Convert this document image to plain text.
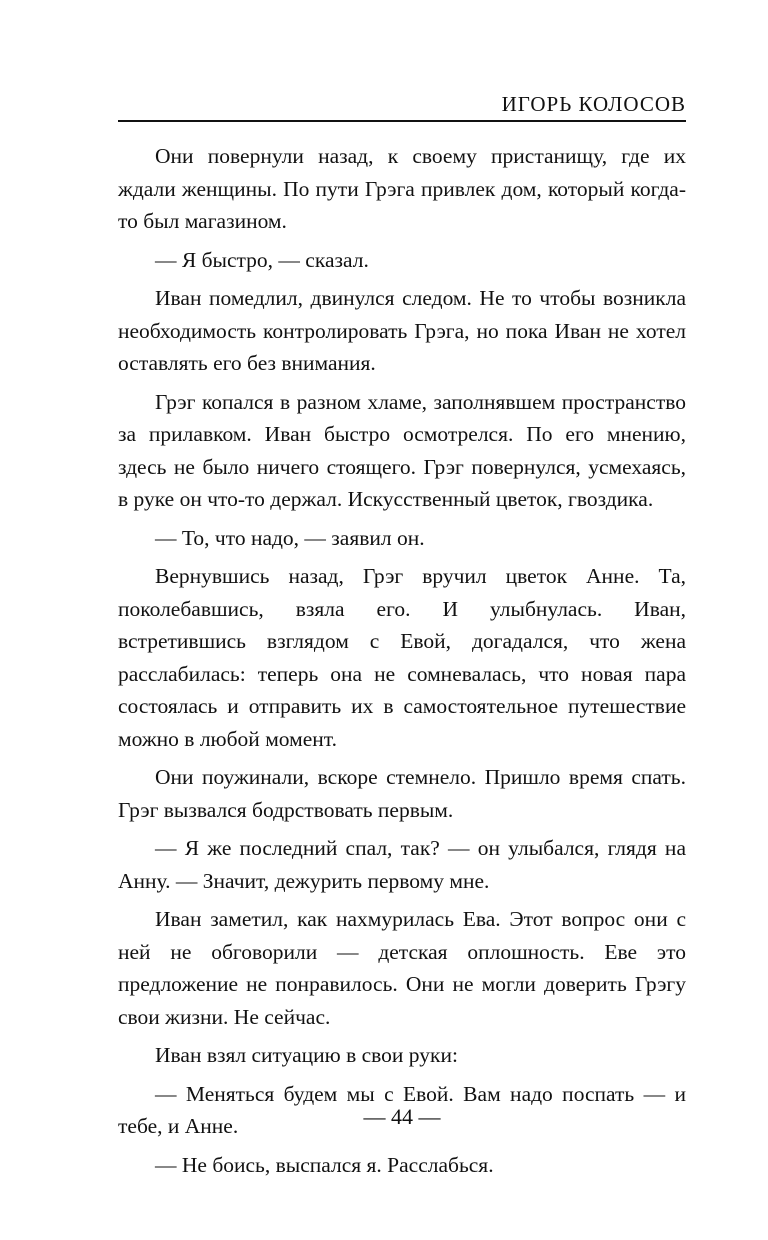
ИГОРЬ КОЛОСОВ

Они повернули назад, к своему пристанищу, где их ждали женщины. По пути Грэга привлек дом, который когда-то был магазином.

— Я быстро, — сказал.

Иван помедлил, двинулся следом. Не то чтобы возникла необходимость контролировать Грэга, но пока Иван не хотел оставлять его без внимания.

Грэг копался в разном хламе, заполнявшем пространство за прилавком. Иван быстро осмотрелся. По его мнению, здесь не было ничего стоящего. Грэг повернулся, усмехаясь, в руке он что-то держал. Искусственный цветок, гвоздика.

— То, что надо, — заявил он.

Вернувшись назад, Грэг вручил цветок Анне. Та, поколебавшись, взяла его. И улыбнулась. Иван, встретившись взглядом с Евой, догадался, что жена расслабилась: теперь она не сомневалась, что новая пара состоялась и отправить их в самостоятельное путешествие можно в любой момент.

Они поужинали, вскоре стемнело. Пришло время спать. Грэг вызвался бодрствовать первым.

— Я же последний спал, так? — он улыбался, глядя на Анну. — Значит, дежурить первому мне.

Иван заметил, как нахмурилась Ева. Этот вопрос они с ней не обговорили — детская оплошность. Еве это предложение не понравилось. Они не могли доверить Грэгу свои жизни. Не сейчас.

Иван взял ситуацию в свои руки:

— Меняться будем мы с Евой. Вам надо поспать — и тебе, и Анне.

— Не боись, выспался я. Расслабься.

— 44 —
